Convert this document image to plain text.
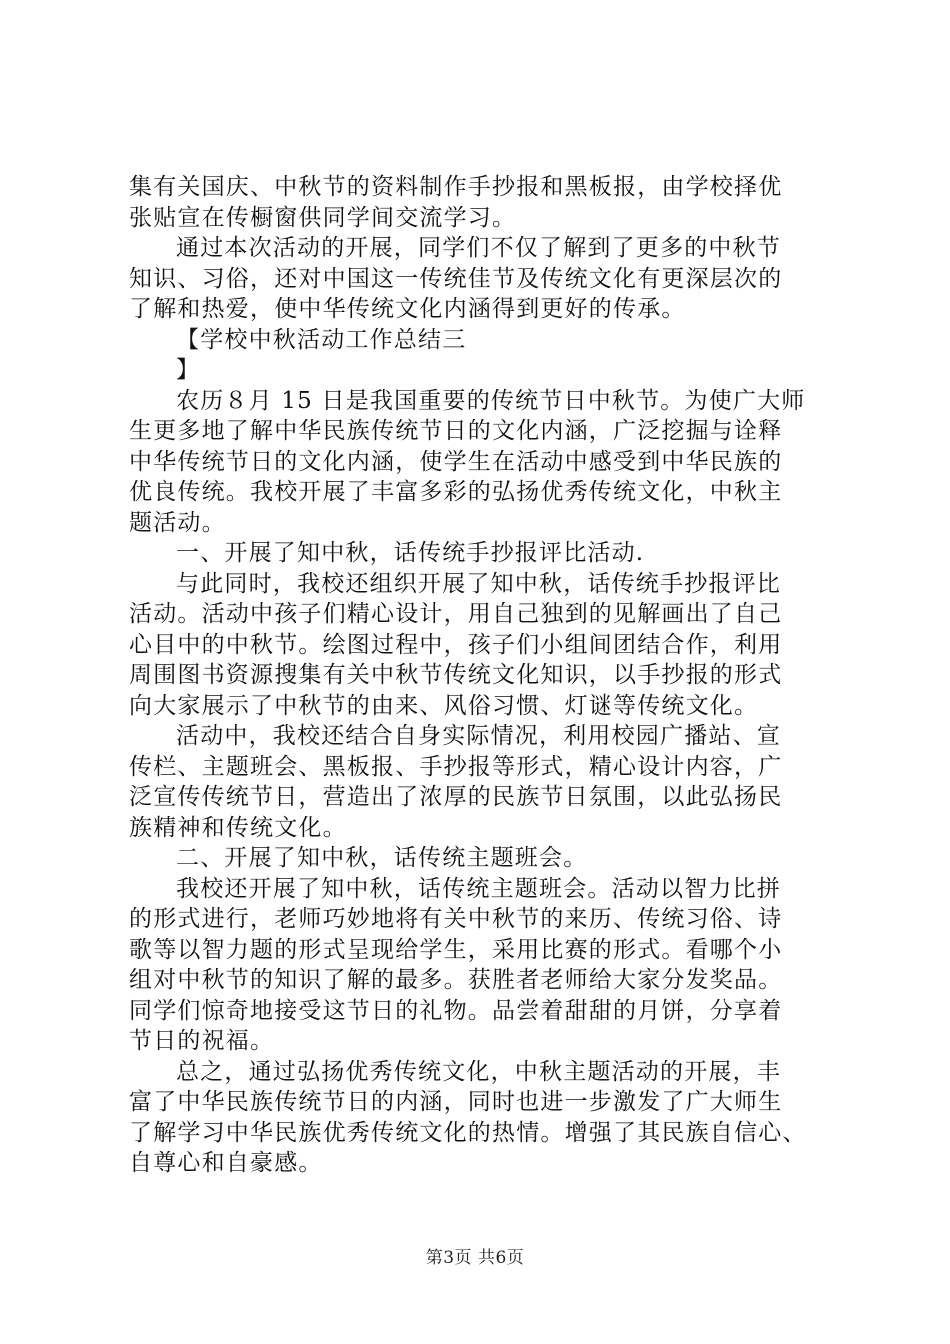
集有关国庆、中秋节的资料制作手抄报和黑板报，由学校择优
张贴宣在传橱窗供同学间交流学习。
通过本次活动的开展，同学们不仅了解到了更多的中秋节
知识、习俗，还对中国这一传统佳节及传统文化有更深层次的
了解和热爱，使中华传统文化内涵得到更好的传承。
【学校中秋活动工作总结三
】
农历８月 15 日是我国重要的传统节日中秋节。为使广大师
生更多地了解中华民族传统节日的文化内涵，广泛挖掘与诠释
中华传统节日的文化内涵，使学生在活动中感受到中华民族的
优良传统。我校开展了丰富多彩的弘扬优秀传统文化，中秋主
题活动。
一、开展了知中秋，话传统手抄报评比活动.
与此同时，我校还组织开展了知中秋，话传统手抄报评比
活动。活动中孩子们精心设计，用自己独到的见解画出了自己
心目中的中秋节。绘图过程中，孩子们小组间团结合作，利用
周围图书资源搜集有关中秋节传统文化知识，以手抄报的形式
向大家展示了中秋节的由来、风俗习惯、灯谜等传统文化。
活动中，我校还结合自身实际情况，利用校园广播站、宣
传栏、主题班会、黑板报、手抄报等形式，精心设计内容，广
泛宣传传统节日，营造出了浓厚的民族节日氛围，以此弘扬民
族精神和传统文化。
二、开展了知中秋，话传统主题班会。
我校还开展了知中秋，话传统主题班会。活动以智力比拼
的形式进行，老师巧妙地将有关中秋节的来历、传统习俗、诗
歌等以智力题的形式呈现给学生，采用比赛的形式。看哪个小
组对中秋节的知识了解的最多。获胜者老师给大家分发奖品。
同学们惊奇地接受这节日的礼物。品尝着甜甜的月饼，分享着
节日的祝福。
总之，通过弘扬优秀传统文化，中秋主题活动的开展，丰
富了中华民族传统节日的内涵，同时也进一步激发了广大师生
了解学习中华民族优秀传统文化的热情。增强了其民族自信心、
自尊心和自豪感。
第3页 共6页
